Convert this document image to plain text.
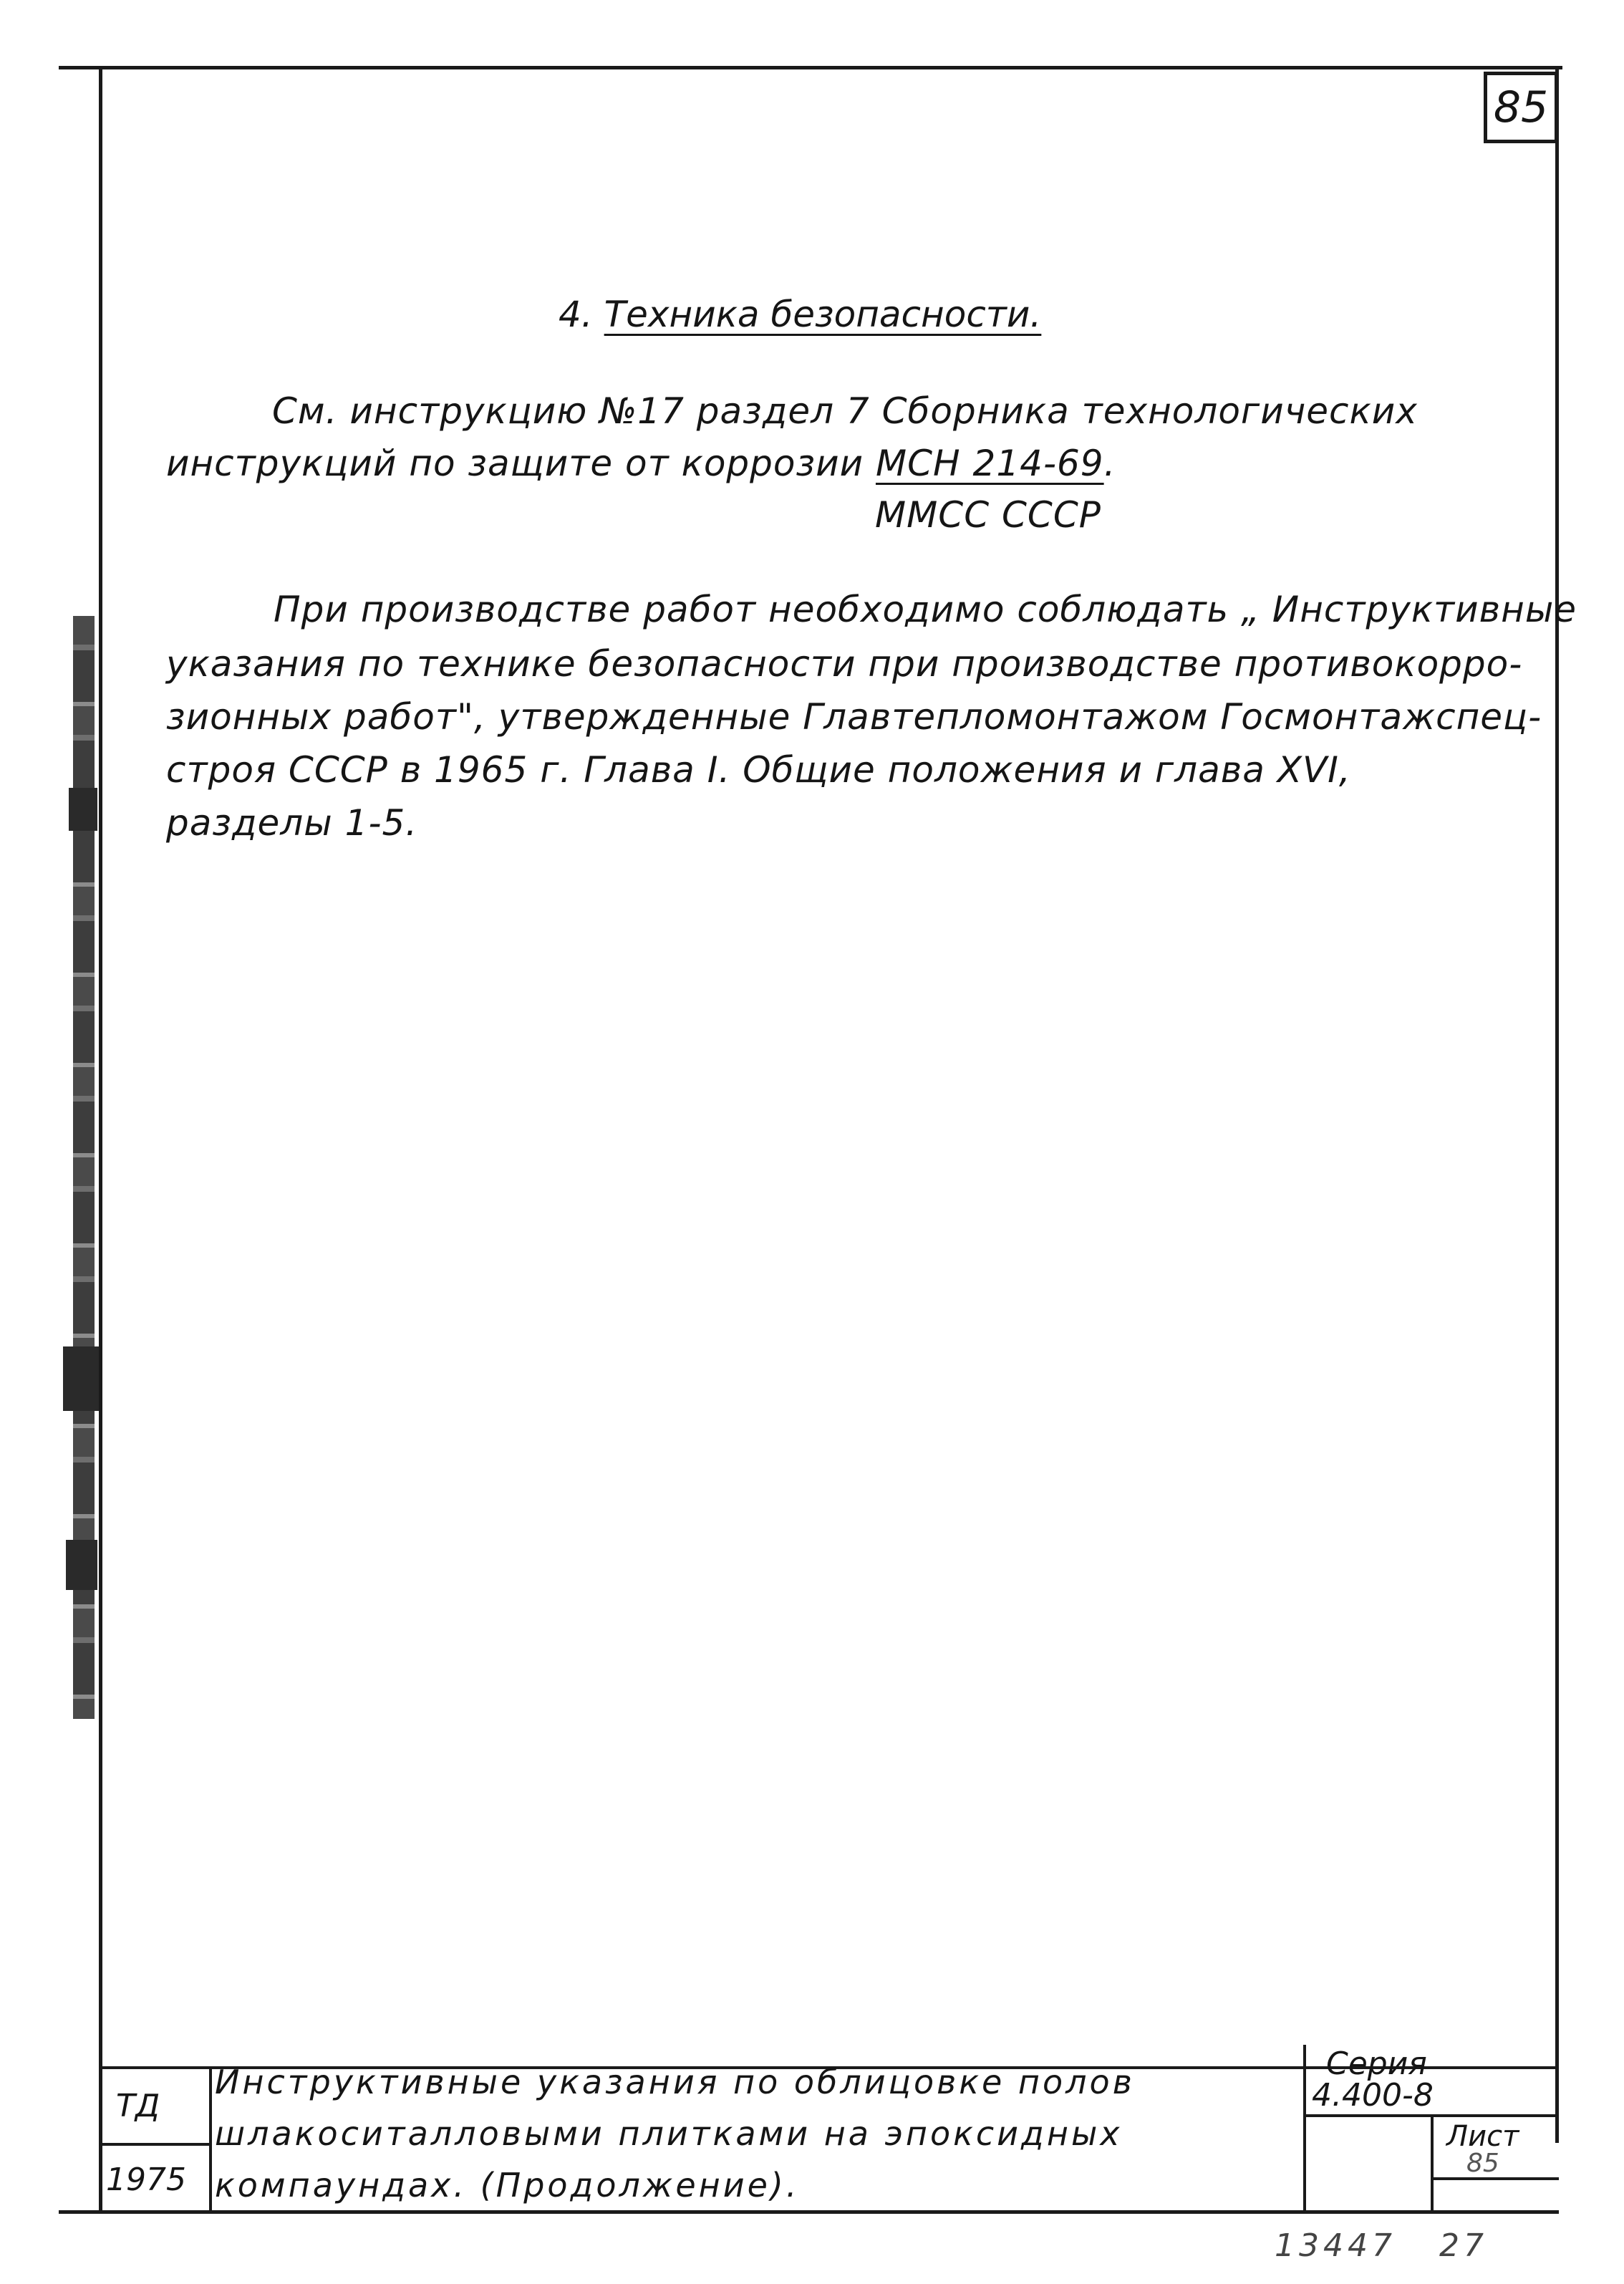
85
4. Техника безопасности.
См. инструкцию №17 раздел 7 Сборника технологических
инструкций по защите от коррозии МСН 214-69.
ММСС СССР
При производстве работ необходимо соблюдать „ Инструктивные
указания по технике безопасности при производстве противокорро-
зионных работ", утвержденные Главтепломонтажом Госмонтажспец-
строя СССР в 1965 г. Глава I. Общие положения и глава XVI,
разделы 1-5.
ТД
1975
Инструктивные указания по облицовке полов
шлакоситалловыми плитками на эпоксидных
компаундах. (Продолжение).
Серия
4.400-8
Лист
85
13447 27
